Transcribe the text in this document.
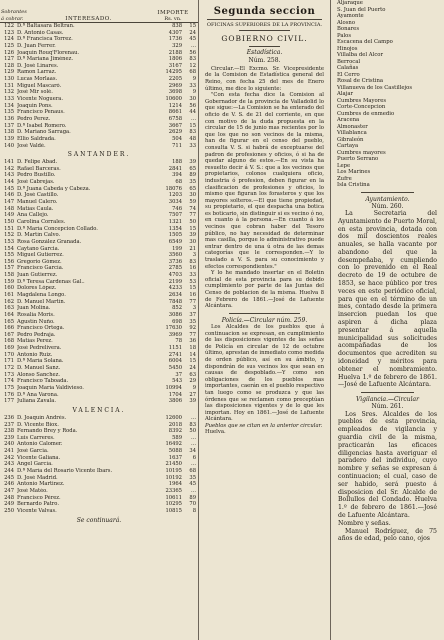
Sobrantes á cobrar.	INTERESADO.
IMPORTE
Rs. vn.
122 D.ª Baltasara Beltran.	838	15
123 D. Antonio Casas.	4307	24
124 D.ª Francisca Torrez.	1736	45
125 D. Juan Ferrer.	329	...
126 Joaquin Rouq'Florenau.	2188	56
127 D.ª Mariana Jiménez.	1806	83
128 D. José Linares.	3167	12
129 Ramon Larraz.	14295	68
130 Lucas Morlaas.	2205	9
131 Miguel Mascaró.	2969	33
132 José Mir solé.	3698	9
133 Vicente Noguera.	10600	30
134 Joaquin Pons.	1214	56
135 Francisco Penaus.	8661	44
136 Pedro Perez.	6758	...
137 D.ª Isabel Romero.	3667	15
138 D. Mariano Sarraga.	2629	83
139 Ellio Saldrada.	504	48
140 José Valdé.	711	33
SANTANDER.
141 D. Felipe Abad.	188	39
142 Rafael Barceras.	2841	65
143 Pedro Bustillo.	394	89
144 José Cabrejas.	68	35
145 D.ª Juana Cabeda y Cabeza.	18076	65
146 D. José Castillo.	1203	30
147 Manuel Calero.	3034	59
148 Matías Caula.	746	74
149 Ana Callejo.	7507	77
150 Carolina Corrales.	1321	50
151 D.ª María Concepcion Collado.	1354	15
152 D. Martín Calvo.	1505	39
153 Rosa González Granada.	6549	30
154 Caytano Garcia.	199	21
155 Miguel Gutierrez.	3560	3
156 Gregorio Gómez.	3736	83
157 Francisco García.	2785	16
158 Juan Gutierrez.	4703	33
159 D.ª Teresa Cardenas Gal..	2199	53
160 Dolores López.	4233	15
161 Magdalena Longo.	2634	16
162 D. Manuel Martín.	7848	77
163 Juan Molina.	852	3
164 Rosalia Moris.	3086	37
165 Agustín Nuño.	698	35
166 Francisco Ortega.	17630	92
167 Pedro Pedraja.	3969	77
168 Matías Perez.	78	36
169 José Pedrelivera.	1151	18
170 Antonio Ruiz.	2741	14
171 D.ª María Solana.	6004	15
172 D. Manuel Sanz.	5450	24
173 Alonso Sanchez.	37	63
174 Francisco Taboada.	543	29
175 Joaquín María Valdivieso.	10994	9
176 D.ª Ana Varona.	1704	27
177 Juliana Zavala.	3806	39
VALENCIA.
236 D. Joaquín Andrés.	12600	...
237 D. Vicente Biox.	2018	83
238 Fernando Brey y Roda.	8392	50
239 Luis Carreres.	589	...
240 Antonio Calomer.	16492	...
241 José Garcia.	5088	34
242 Vicente Galiana.	1637	6
243 Ángel García.	21450	...
244 D.ª María del Rosario Vicente Ibars.	10195	68
245 D. José Madrid.	10192	35
246 Antonio Martinez.	1964	45
247 José Matéo.	23365	...
248 Francisco Pérez.	10611	89
249 Bernardo Patro.	10295	70
250 Vicente Valvas.	10815	8
Se continuará.
Segunda seccion
OFICINAS SUPERIORES DE LA PROVINCIA.
GOBIERNO CIVIL.
Estadística.
Núm. 258.

Circular.—El Excmo. Sr. Vicepresidente de la Comision de Estadística general del Reino, con fecha 25 del mes de Enero último, me dice lo siguiente:

"Con esta fecha dice la Comision al Gobernador de la provincia de Valladolid lo que sigue:—La Comision se ha enterado del oficio de V. S. de 21 del corriente, en que con motivo de la duda propuesta en la circular de 15 de junio mas recientes por lo que los que no son vecinos de la misma, han de figurar en el censo del pueblo, consulta V. S. si habrá de exceptuarse del padron de profesiones y oficios, ó si ha de quedar alguno de estos.—En su vista ha resuelto decir á V. S.: que a los vecinos que propietarios, colonos cualquiera oficio, industria ó profesion, deben figurar en la clasificacion de profesiones y oficios, lo mismo que figuran los forasteros y que los mayores solteros.—El que tiene propiedad, su propietario, el que despacha una botica es boticario, sin distinguir si es vecino ó no, en cuanto á la persona.—En cuanto á los vecinos que cobran haber del Tesoro público, no hay necesidad de determinar mas casilla, porque lo administrativo puede entrar dentro de una ú otra de las demas categorías que le corresponden.—Y lo traslado a V. S. para su conocimiento y efectos correspondientes."

Y lo he mandado insertar en el Boletin oficial de esta provincia para su debido cumplimiento por parte de las Juntas del Censo de poblacion de la misma. Huelva 8 de Febrero de 1861.—José de Lafuente Alcántara.

Policía.—Circular núm. 259.

Los Alcaldes de los pueblos que á continuacion se expresan, en cumplimiento de las disposiciones vigentes de las señas de Policía en circular de 12 de octubre último, aprestan de inmediato como medida de orden público, así en su ámbito, y dispondrán de sus vecinos los que sean en causas de despoblado.—Y como son obligaciones de los pueblos mas importantes, caerán en el pueblo respectivo tan luego como se produzca y que las órdenes que se reclamen como preceptúan las disposiciones vigentes y de lo que les importan. Hoy en 1861.—José de Lafuente Alcántara.

Pueblos que se citan en la anterior circular.

Huelva.

Aljaraque
S. Juan del Puerto
Ayamonte
Alosno
Bonares
Palos
Escacena del Campo
Hinojos
Villalba del Alcor
Berrocal
Calañas
El Cerro
Rosal de Cristina
Villanueva de los Castillejos
Alajar
Cumbres Mayores
Corte-Concepcion
Cumbres de enmedio
Aracena
Almonaster
Villablanca
Gibraleón
Cartaya
Cumbres mayores
Puerto Serrano
Lepe
Los Marines
Zufre
Isla Cristina
Ayuntamiento.
Núm. 260.

La Secretaria del Ayuntamiento de Puerto Moral, en esta provincia, dotada con dos mil doscientos reales anuales, se halla vacante por abandono del que la desempeñaba, y cumpliendo con lo prevenido en el Real decreto de 19 de octubre de 1853, se hace público por tres veces en este periódico oficial, para que en el término de un mes, contado desde la primera insercion puedan los que aspiren á dicha plaza presentar á aquella municipalidad sus solicitudes acompañadas de los documentos que acrediten su idoneidad y méritos para obtener el nombramiento. Huelva 1.º de febrero de 1861.—José de Lafuente Alcántara.

Vigilancia.—Circular
Núm. 261.

Los Sres. Alcaldes de los pueblos de esta provincia, empleados de vigilancia y guardia civil de la misma, practicarán las eficaces diligencias hasta averiguar el paradero del individuo, cuyo nombre y señas se expresan á continuacion; el cual, caso de ser habido, será puesto á disposicion del Sr. Alcalde de Bollullos del Condado. Huelva 1.º de febrero de 1861.—José de Lafuente Alcántara.

Nombre y señas.

Manuel Rodríguez, de 75 años de edad, pelo cano, ojos
